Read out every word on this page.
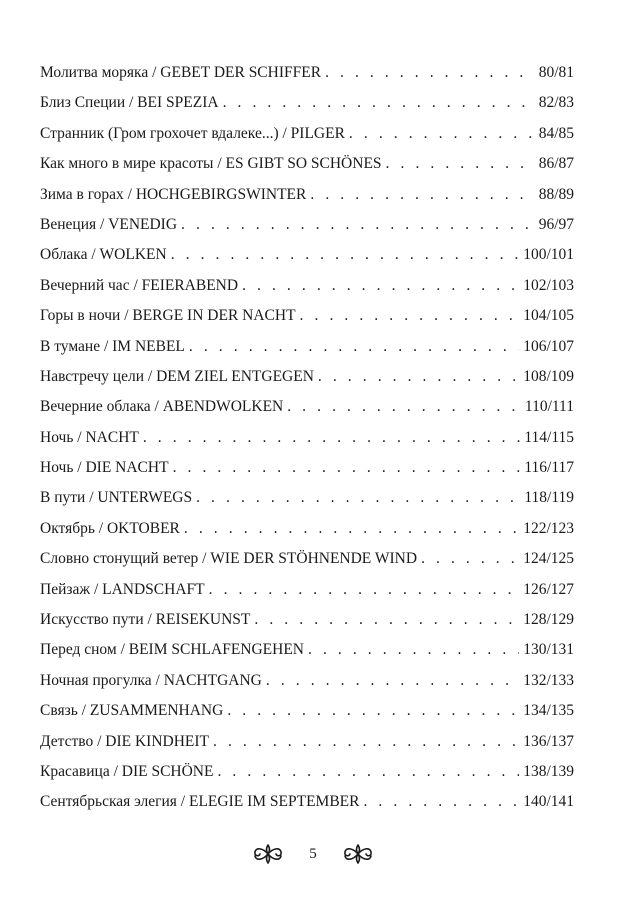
Молитва моряка / GEBET DER SCHIFFER . . .	80/81
Близ Специи / BEI SPEZIA . . .	82/83
Странник (Гром грохочет вдалеке...) / PILGER . . .	84/85
Как много в мире красоты / ES GIBT SO SCHÖNES . . .	86/87
Зима в горах / HOCHGEBIRGSWINTER . . .	88/89
Венеция / VENEDIG . . .	96/97
Облака / WOLKEN . . .	100/101
Вечерний час / FEIERABEND . . .	102/103
Горы в ночи / BERGE IN DER NACHT . . .	104/105
В тумане / IM NEBEL . . .	106/107
Навстречу цели / DEM ZIEL ENTGEGEN . . .	108/109
Вечерние облака / ABENDWOLKEN . . .	110/111
Ночь / NACHT . . .	114/115
Ночь / DIE NACHT . . .	116/117
В пути / UNTERWEGS . . .	118/119
Октябрь / OKTOBER . . .	122/123
Словно стонущий ветер / WIE DER STÖHNENDE WIND . . .	124/125
Пейзаж / LANDSCHAFT . . .	126/127
Искусство пути / REISEKUNST . . .	128/129
Перед сном / BEIM SCHLAFENGEHEN . . .	130/131
Ночная прогулка / NACHTGANG . . .	132/133
Связь / ZUSAMMENHANG . . .	134/135
Детство / DIE KINDHEIT . . .	136/137
Красавица / DIE SCHÖNE . . .	138/139
Сентябрьская элегия / ELEGIE IM SEPTEMBER . . .	140/141
5
